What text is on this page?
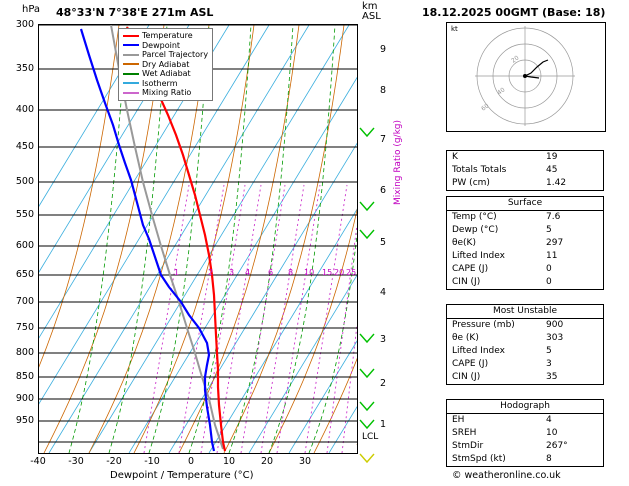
hPa 48°33'N 7°38'E 271m ASL	km
ASL
Temperature
Dewpoint
Parcel Trajectory
Dry Adiabat
Wet Adiabat
Isotherm
Mixing Ratio
300
350
400
450
500
550
600
650
700
750
800
850
900
950
9
8
7
6
5
4
3
2
1
LCL
1	2 3 4 6 8 10 15 20 25
Mixing Ratio (g/kg)
-40	-30	-20	-10	0	10	20	30
Dewpoint / Temperature (°C)
18.12.2025 00GMT (Base: 18)
kt
20
40
60
K	19
Totals Totals	45
PW (cm)	1.42
Surface
Temp (°C)	7.6
Dewp (°C)	5
θe(K)	297
Lifted Index	11
CAPE (J)	0
CIN (J)	0
Most Unstable
Pressure (mb)	900
θe (K)	303
Lifted Index	5
CAPE (J)	3
CIN (J)	35
Hodograph
EH	4
SREH	10
StmDir	267°
StmSpd (kt)	8
© weatheronline.co.uk
